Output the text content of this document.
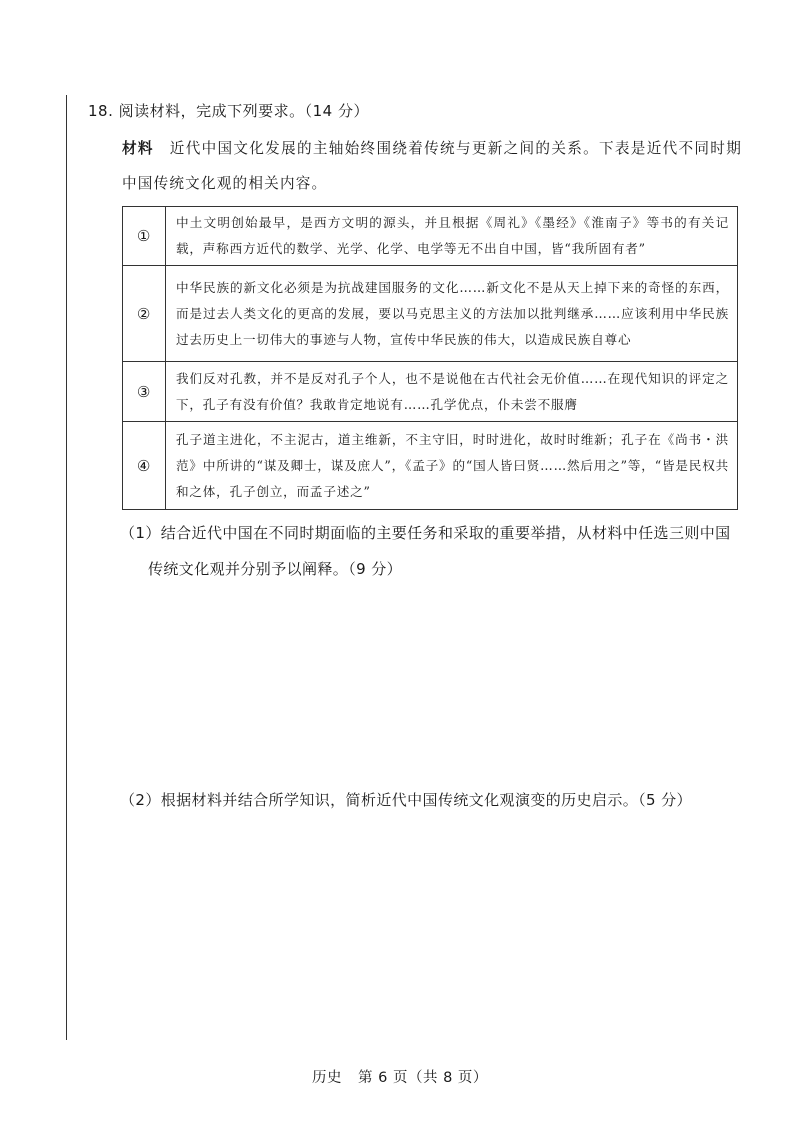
18. 阅读材料，完成下列要求。（14 分）
材料 近代中国文化发展的主轴始终围绕着传统与更新之间的关系。下表是近代不同时期中国传统文化观的相关内容。
①	中土文明创始最早，是西方文明的源头，并且根据《周礼》《墨经》《淮南子》等书的有关记载，声称西方近代的数学、光学、化学、电学等无不出自中国，皆“我所固有者”
②	中华民族的新文化必须是为抗战建国服务的文化……新文化不是从天上掉下来的奇怪的东西，而是过去人类文化的更高的发展，要以马克思主义的方法加以批判继承……应该利用中华民族过去历史上一切伟大的事迹与人物，宣传中华民族的伟大，以造成民族自尊心
③	我们反对孔教，并不是反对孔子个人，也不是说他在古代社会无价值……在现代知识的评定之下，孔子有没有价值？我敢肯定地说有……孔学优点，仆未尝不服膺
④	孔子道主进化，不主泥古，道主维新，不主守旧，时时进化，故时时维新；孔子在《尚书・洪范》中所讲的“谋及卿士，谋及庶人”，《孟子》的“国人皆曰贤……然后用之”等，“皆是民权共和之体，孔子创立，而孟子述之”
（1）结合近代中国在不同时期面临的主要任务和采取的重要举措，从材料中任选三则中国
传统文化观并分别予以阐释。（9 分）
（2）根据材料并结合所学知识，简析近代中国传统文化观演变的历史启示。（5 分）
历史 第 6 页（共 8 页）
